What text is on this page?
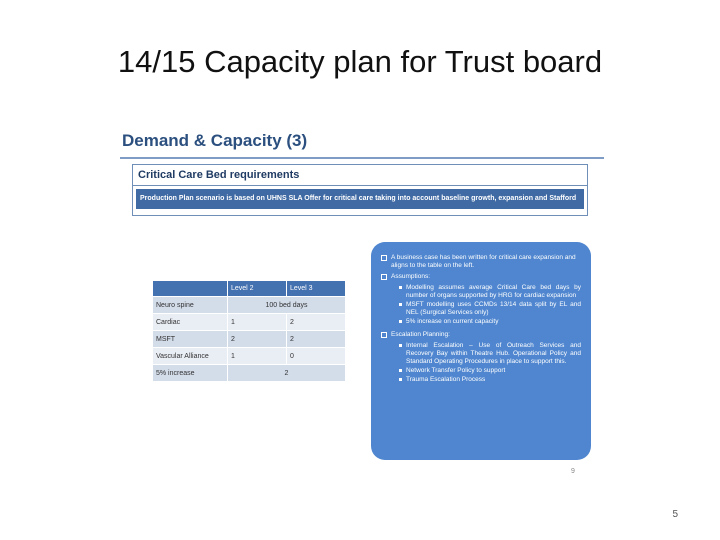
14/15 Capacity plan for Trust board
Demand & Capacity (3)
Critical Care Bed requirements
Production Plan scenario is based on UHNS SLA Offer for critical care taking into account baseline growth, expansion and Stafford
	Level 2	Level 3
Neuro spine	100 bed days	
Cardiac	1	2
MSFT	2	2
Vascular Alliance	1	0
5% increase	2	
A business case has been written for critical care expansion and aligns to the table on the left.
Assumptions:
Modelling assumes average Critical Care bed days by number of organs supported by HRG for cardiac expansion
MSFT modelling uses CCMDs 13/14 data split by EL and NEL (Surgical Services only)
5% increase on current capacity
Escalation Planning:
Internal Escalation – Use of Outreach Services and Recovery Bay within Theatre Hub. Operational Policy and Standard Operating Procedures in place to support this.
Network Transfer Policy to support
Trauma Escalation Process
9
5
